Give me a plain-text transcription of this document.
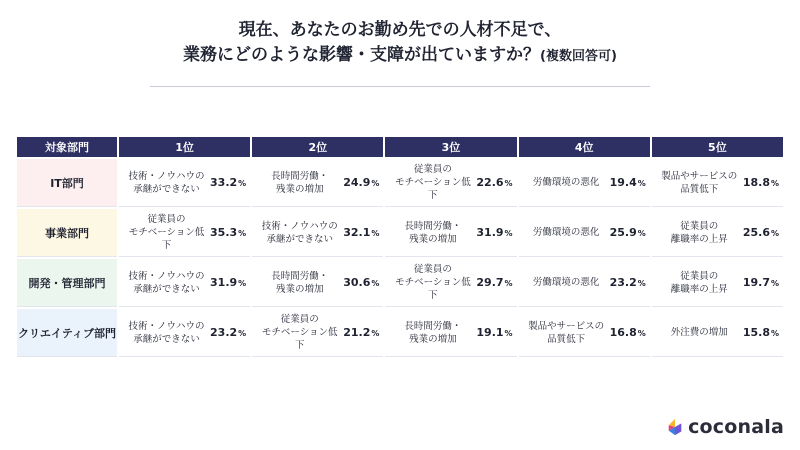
現在、あなたのお勤め先での人材不足で、
業務にどのような影響・支障が出ていますか？(複数回答可)
対象部門	1位	2位	3位	4位	5位
IT部門	技術・ノウハウの
承継ができない 33.2%	長時間労働・
残業の増加 24.9%	従業員の
モチベーション低下
22.6%	労働環境の悪化 19.4%	製品やサービスの
品質低下 18.8%

事業部門	従業員の
モチベーション低下
35.3%	技術・ノウハウの
承継ができない 32.1%	長時間労働・
残業の増加 31.9%	労働環境の悪化 25.9%	従業員の
離職率の上昇 25.6%

開発・管理部門	技術・ノウハウの
承継ができない 31.9%	長時間労働・
残業の増加 30.6%	従業員の
モチベーション低下
29.7%	労働環境の悪化 23.2%	従業員の
離職率の上昇 19.7%

クリエイティブ部門	技術・ノウハウの
承継ができない 23.2%	従業員の
モチベーション低下
21.2%	長時間労働・
残業の増加 19.1%	製品やサービスの
品質低下 16.8%	外注費の増加 15.8%
coconala
